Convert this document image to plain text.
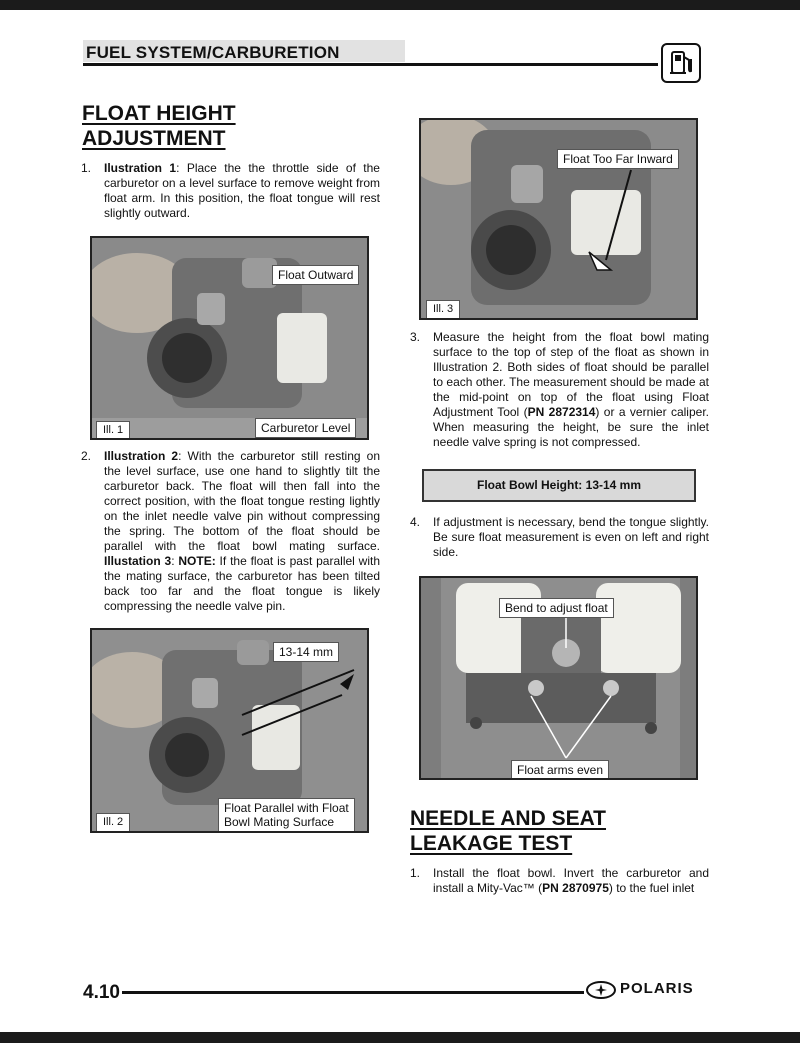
FUEL SYSTEM/CARBURETION
FLOAT HEIGHT
ADJUSTMENT
1. Ilustration 1: Place the the throttle side of the carburetor on a level surface to remove weight from float arm. In this position, the float tongue will rest slightly outward.
Float Outward
Carburetor Level
Ill. 1
2. Illustration 2: With the carburetor still resting on the level surface, use one hand to slightly tilt the carburetor back. The float will then fall into the correct position, with the float tongue resting lightly on the inlet needle valve pin without compressing the spring. The bottom of the float should be parallel with the float bowl mating surface. Illustation 3: NOTE: If the float is past parallel with the mating surface, the carburetor has been tilted back too far and the float tongue is likely compressing the needle valve pin.
13-14 mm
Float Parallel with Float
Bowl Mating Surface
Ill. 2
Float Too Far Inward
Ill. 3
3. Measure the height from the float bowl mating surface to the top of step of the float as shown in Illustration 2. Both sides of float should be parallel to each other. The measurement should be made at the mid-point on top of the float using Float Adjustment Tool (PN 2872314) or a vernier caliper. When measuring the height, be sure the inlet needle valve spring is not compressed.
Float Bowl Height: 13-14 mm
4. If adjustment is necessary, bend the tongue slightly. Be sure float measurement is even on left and right side.
Bend to adjust float
Float arms even
NEEDLE AND SEAT
LEAKAGE TEST
1. Install the float bowl. Invert the carburetor and install a Mity-Vac™ (PN 2870975) to the fuel inlet
4.10	POLARIS
